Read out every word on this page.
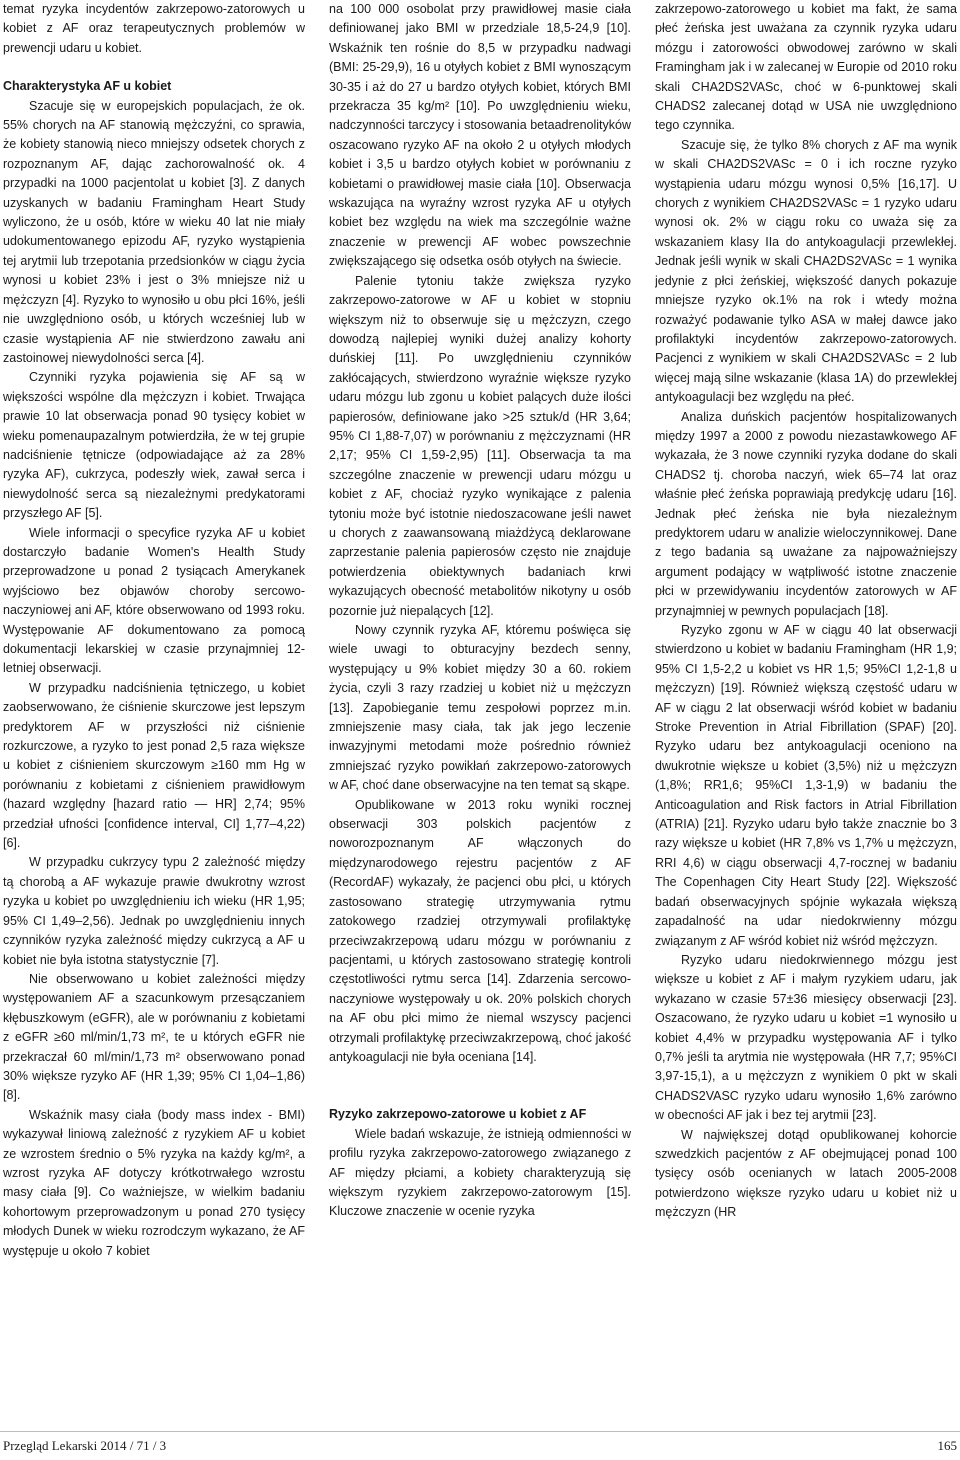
temat ryzyka incydentów zakrzepowo-zatorowych u kobiet z AF oraz terapeutycznych problemów w prewencji udaru u kobiet.

Charakterystyka AF u kobiet

Szacuje się w europejskich populacjach, że ok. 55% chorych na AF stanowią mężczyźni, co sprawia, że kobiety stanowią nieco mniejszy odsetek chorych z rozpoznanym AF, dając zachorowalność ok. 4 przypadki na 1000 pacjentolat u kobiet [3]. Z danych uzyskanych w badaniu Framingham Heart Study wyliczono, że u osób, które w wieku 40 lat nie miały udokumentowanego epizodu AF, ryzyko wystąpienia tej arytmii lub trzepotania przedsionków w ciągu życia wynosi u kobiet 23% i jest o 3% mniejsze niż u mężczyzn [4]. Ryzyko to wynosiło u obu płci 16%, jeśli nie uwzględniono osób, u których wcześniej lub w czasie wystąpienia AF nie stwierdzono zawału ani zastoinowej niewydolności serca [4].

Czynniki ryzyka pojawienia się AF są w większości wspólne dla mężczyzn i kobiet. Trwająca prawie 10 lat obserwacja ponad 90 tysięcy kobiet w wieku pomenaupazalnym potwierdziła, że w tej grupie nadciśnienie tętnicze (odpowiadające aż za 28% ryzyka AF), cukrzyca, podeszły wiek, zawał serca i niewydolność serca są niezależnymi predykatorami przyszłego AF [5].

Wiele informacji o specyfice ryzyka AF u kobiet dostarczyło badanie Women's Health Study przeprowadzone u ponad 2 tysiącach Amerykanek wyjściowo bez objawów choroby sercowo-naczyniowej ani AF, które obserwowano od 1993 roku. Występowanie AF dokumentowano za pomocą dokumentacji lekarskiej w czasie przynajmniej 12-letniej obserwacji.

W przypadku nadciśnienia tętniczego, u kobiet zaobserwowano, że ciśnienie skurczowe jest lepszym predyktorem AF w przyszłości niż ciśnienie rozkurczowe, a ryzyko to jest ponad 2,5 raza większe u kobiet z ciśnieniem skurczowym ≥160 mm Hg w porównaniu z kobietami z ciśnieniem prawidłowym (hazard względny [hazard ratio — HR] 2,74; 95% przedział ufności [confidence interval, CI] 1,77–4,22) [6].

W przypadku cukrzycy typu 2 zależność między tą chorobą a AF wykazuje prawie dwukrotny wzrost ryzyka u kobiet po uwzględnieniu ich wieku (HR 1,95; 95% CI 1,49–2,56). Jednak po uwzględnieniu innych czynników ryzyka zależność między cukrzycą a AF u kobiet nie była istotna statystycznie [7].

Nie obserwowano u kobiet zależności między występowaniem AF a szacunkowym przesączaniem kłębuszkowym (eGFR), ale w porównaniu z kobietami z eGFR ≥60 ml/min/1,73 m², te u których eGFR nie przekraczał 60 ml/min/1,73 m² obserwowano ponad 30% większe ryzyko AF (HR 1,39; 95% CI 1,04–1,86) [8].

Wskaźnik masy ciała (body mass index - BMI) wykazywał liniową zależność z ryzykiem AF u kobiet ze wzrostem średnio o 5% ryzyka na każdy kg/m², a wzrost ryzyka AF dotyczy krótkotrwałego wzrostu masy ciała [9]. Co ważniejsze, w wielkim badaniu kohortowym przeprowadzonym u ponad 270 tysięcy młodych Dunek w wieku rozrodczym wykazano, że AF występuje u około 7 kobiet

na 100 000 osobolat przy prawidłowej masie ciała definiowanej jako BMI w przedziale 18,5-24,9 [10]. Wskaźnik ten rośnie do 8,5 w przypadku nadwagi (BMI: 25-29,9), 16 u otyłych kobiet z BMI wynoszącym 30-35 i aż do 27 u bardzo otyłych kobiet, których BMI przekracza 35 kg/m² [10]. Po uwzględnieniu wieku, nadczynności tarczycy i stosowania betaadrenolityków oszacowano ryzyko AF na około 2 u otyłych młodych kobiet i 3,5 u bardzo otyłych kobiet w porównaniu z kobietami o prawidłowej masie ciała [10]. Obserwacja wskazująca na wyraźny wzrost ryzyka AF u otyłych kobiet bez względu na wiek ma szczególnie ważne znaczenie w prewencji AF wobec powszechnie zwiększającego się odsetka osób otyłych na świecie.

Palenie tytoniu także zwiększa ryzyko zakrzepowo-zatorowe w AF u kobiet w stopniu większym niż to obserwuje się u mężczyzn, czego dowodzą najlepiej wyniki dużej analizy kohorty duńskiej [11]. Po uwzględnieniu czynników zakłócających, stwierdzono wyraźnie większe ryzyko udaru mózgu lub zgonu u kobiet palących duże ilości papierosów, definiowane jako >25 sztuk/d (HR 3,64; 95% CI 1,88-7,07) w porównaniu z mężczyznami (HR 2,17; 95% CI 1,59-2,95) [11]. Obserwacja ta ma szczególne znaczenie w prewencji udaru mózgu u kobiet z AF, chociaż ryzyko wynikające z palenia tytoniu może być istotnie niedoszacowane jeśli nawet u chorych z zaawansowaną miażdżycą deklarowane zaprzestanie palenia papierosów często nie znajduje potwierdzenia obiektywnych badaniach krwi wykazujących obecność metabolitów nikotyny u osób pozornie już niepalących [12].

Nowy czynnik ryzyka AF, któremu poświęca się wiele uwagi to obturacyjny bezdech senny, występujący u 9% kobiet między 30 a 60. rokiem życia, czyli 3 razy rzadziej u kobiet niż u mężczyzn [13]. Zapobieganie temu zespołowi poprzez m.in. zmniejszenie masy ciała, tak jak jego leczenie inwazyjnymi metodami może pośrednio również zmniejszać ryzyko powikłań zakrzepowo-zatorowych w AF, choć dane obserwacyjne na ten temat są skąpe.

Opublikowane w 2013 roku wyniki rocznej obserwacji 303 polskich pacjentów z noworozpoznanym AF włączonych do międzynarodowego rejestru pacjentów z AF (RecordAF) wykazały, że pacjenci obu płci, u których zastosowano strategię utrzymywania rytmu zatokowego rzadziej otrzymywali profilaktykę przeciwzakrzepową udaru mózgu w porównaniu z pacjentami, u których zastosowano strategię kontroli częstotliwości rytmu serca [14]. Zdarzenia sercowo-naczyniowe występowały u ok. 20% polskich chorych na AF obu płci mimo że niemal wszyscy pacjenci otrzymali profilaktykę przeciwzakrzepową, choć jakość antykoagulacji nie była oceniana [14].

Ryzyko zakrzepowo-zatorowe u kobiet z AF

Wiele badań wskazuje, że istnieją odmienności w profilu ryzyka zakrzepowo-zatorowego związanego z AF między płciami, a kobiety charakteryzują się większym ryzykiem zakrzepowo-zatorowym [15]. Kluczowe znaczenie w ocenie ryzyka

zakrzepowo-zatorowego u kobiet ma fakt, że sama płeć żeńska jest uważana za czynnik ryzyka udaru mózgu i zatorowości obwodowej zarówno w skali Framingham jak i w zalecanej w Europie od 2010 roku skali CHA2DS2VASc, choć w 6-punktowej skali CHADS2 zalecanej dotąd w USA nie uwzględniono tego czynnika.

Szacuje się, że tylko 8% chorych z AF ma wynik w skali CHA2DS2VASc = 0 i ich roczne ryzyko wystąpienia udaru mózgu wynosi 0,5% [16,17]. U chorych z wynikiem CHA2DS2VASc = 1 ryzyko udaru wynosi ok. 2% w ciągu roku co uważa się za wskazaniem klasy IIa do antykoagulacji przewlekłej. Jednak jeśli wynik w skali CHA2DS2VASc = 1 wynika jedynie z płci żeńskiej, większość danych pokazuje mniejsze ryzyko ok.1% na rok i wtedy można rozważyć podawanie tylko ASA w małej dawce jako profilaktyki incydentów zakrzepowo-zatorowych. Pacjenci z wynikiem w skali CHA2DS2VASc = 2 lub więcej mają silne wskazanie (klasa 1A) do przewlekłej antykoagulacji bez względu na płeć.

Analiza duńskich pacjentów hospitalizowanych między 1997 a 2000 z powodu niezastawkowego AF wykazała, że 3 nowe czynniki ryzyka dodane do skali CHADS2 tj. choroba naczyń, wiek 65–74 lat oraz właśnie płeć żeńska poprawiają predykcję udaru [16]. Jednak płeć żeńska nie była niezależnym predyktorem udaru w analizie wieloczynnikowej. Dane z tego badania są uważane za najpoważniejszy argument podający w wątpliwość istotne znaczenie płci w przewidywaniu incydentów zatorowych w AF przynajmniej w pewnych populacjach [18].

Ryzyko zgonu w AF w ciągu 40 lat obserwacji stwierdzono u kobiet w badaniu Framingham (HR 1,9; 95% CI 1,5-2,2 u kobiet vs HR 1,5; 95%CI 1,2-1,8 u mężczyzn) [19]. Również większą częstość udaru w AF w ciągu 2 lat obserwacji wśród kobiet w badaniu Stroke Prevention in Atrial Fibrillation (SPAF) [20]. Ryzyko udaru bez antykoagulacji oceniono na dwukrotnie większe u kobiet (3,5%) niż u mężczyzn (1,8%; RR1,6; 95%CI 1,3-1,9) w badaniu the Anticoagulation and Risk factors in Atrial Fibrillation (ATRIA) [21]. Ryzyko udaru było także znacznie bo 3 razy większe u kobiet (HR 7,8% vs 1,7% u mężczyzn, RRI 4,6) w ciągu obserwacji 4,7-rocznej w badaniu The Copenhagen City Heart Study [22]. Większość badań obserwacyjnych spójnie wykazała większą zapadalność na udar niedokrwienny mózgu związanym z AF wśród kobiet niż wśród mężczyzn.

Ryzyko udaru niedokrwiennego mózgu jest większe u kobiet z AF i małym ryzykiem udaru, jak wykazano w czasie 57±36 miesięcy obserwacji [23]. Oszacowano, że ryzyko udaru u kobiet =1 wynosiło u kobiet 4,4% w przypadku występowania AF i tylko 0,7% jeśli ta arytmia nie występowała (HR 7,7; 95%CI 3,97-15,1), a u mężczyzn z wynikiem 0 pkt w skali CHADS2VASC ryzyko udaru wynosiło 1,6% zarówno w obecności AF jak i bez tej arytmii [23].

W największej dotąd opublikowanej kohorcie szwedzkich pacjentów z AF obejmującej ponad 100 tysięcy osób ocenianych w latach 2005-2008 potwierdzono większe ryzyko udaru u kobiet niż u mężczyzn (HR

Przegląd Lekarski 2014 / 71 / 3	165
